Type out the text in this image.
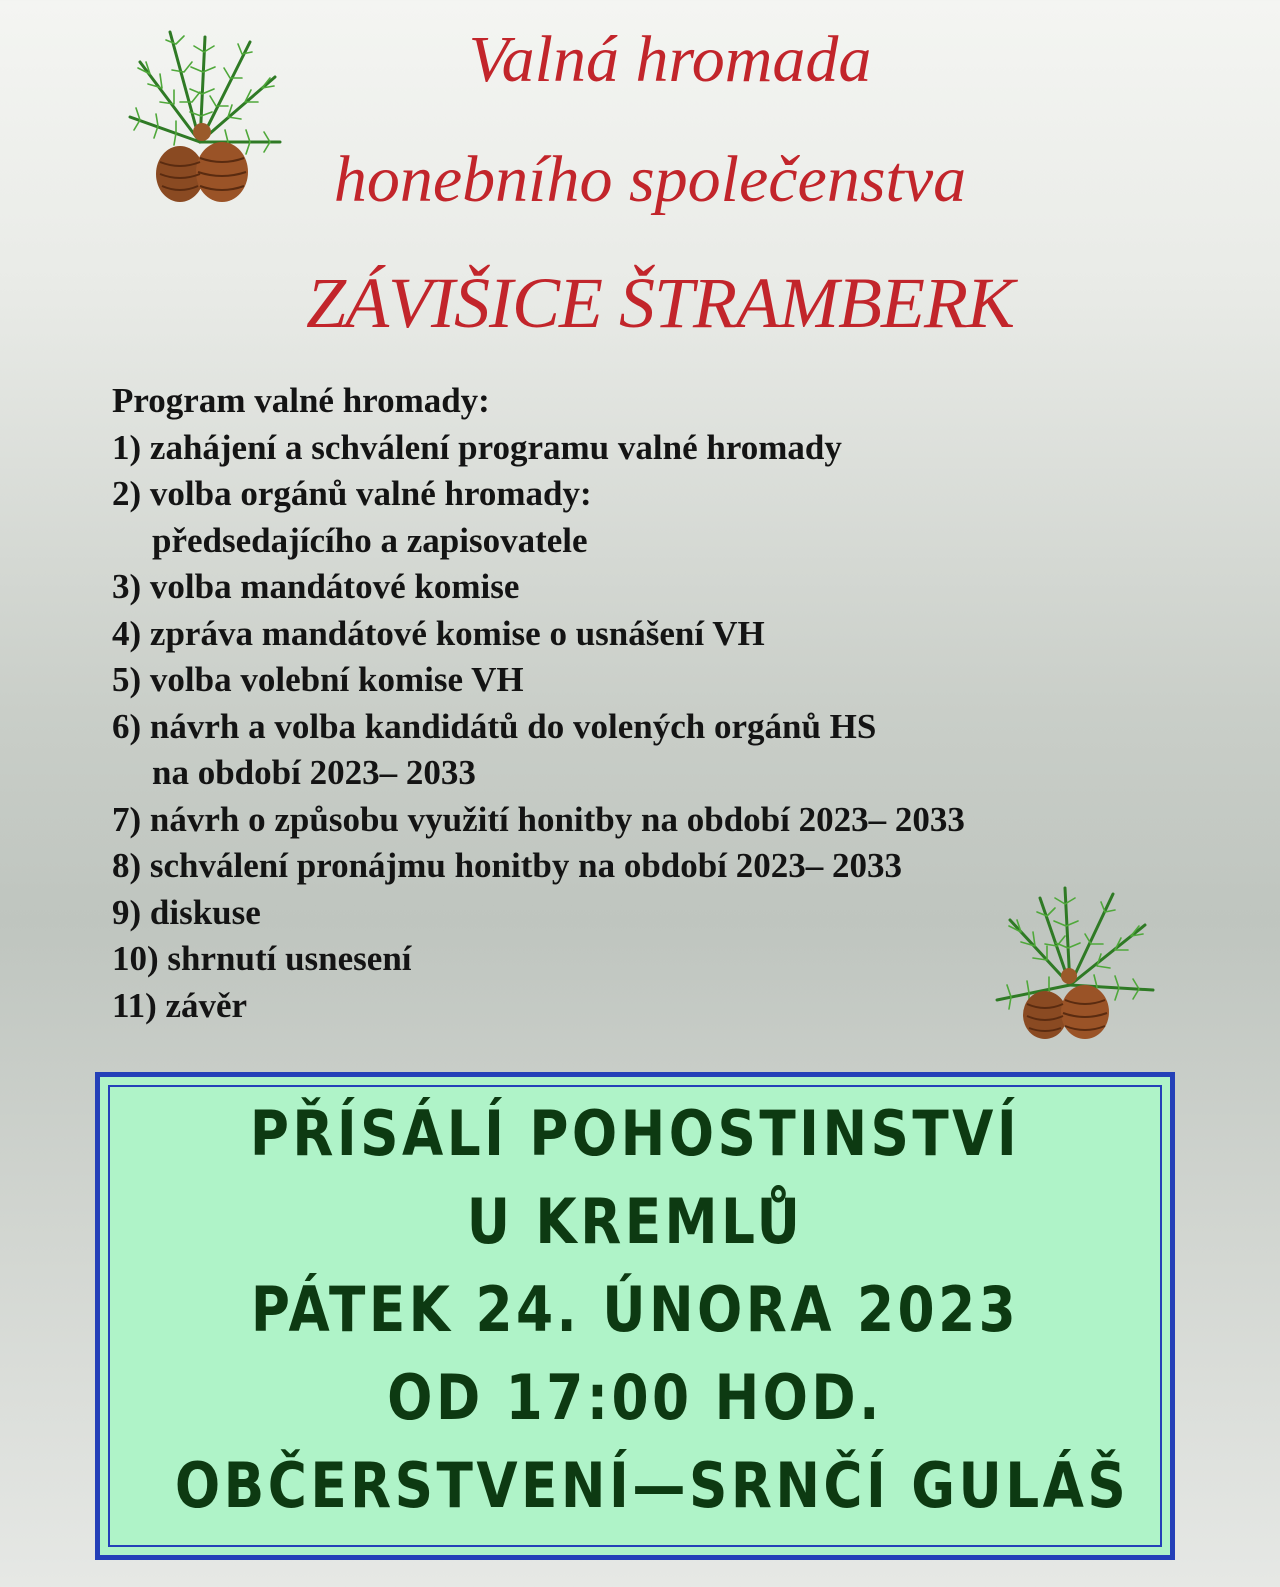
Valná hromada
honebního společenstva
ZÁVIŠICE ŠTRAMBERK
Program valné hromady:
1) zahájení a schválení programu valné hromady
2) volba orgánů valné hromady:
předsedajícího a zapisovatele
3) volba mandátové komise
4) zpráva mandátové komise o usnášení VH
5) volba volební komise VH
6) návrh a volba kandidátů do volených orgánů HS
na období 2023– 2033
7) návrh o způsobu využití honitby na období 2023– 2033
8) schválení pronájmu honitby na období 2023– 2033
9) diskuse
10) shrnutí usnesení
11) závěr
PŘÍSÁLÍ POHOSTINSTVÍ
U KREMLŮ
PÁTEK 24. ÚNORA 2023
OD 17:00 HOD.
OBČERSTVENÍ—SRNČÍ GULÁŠ
